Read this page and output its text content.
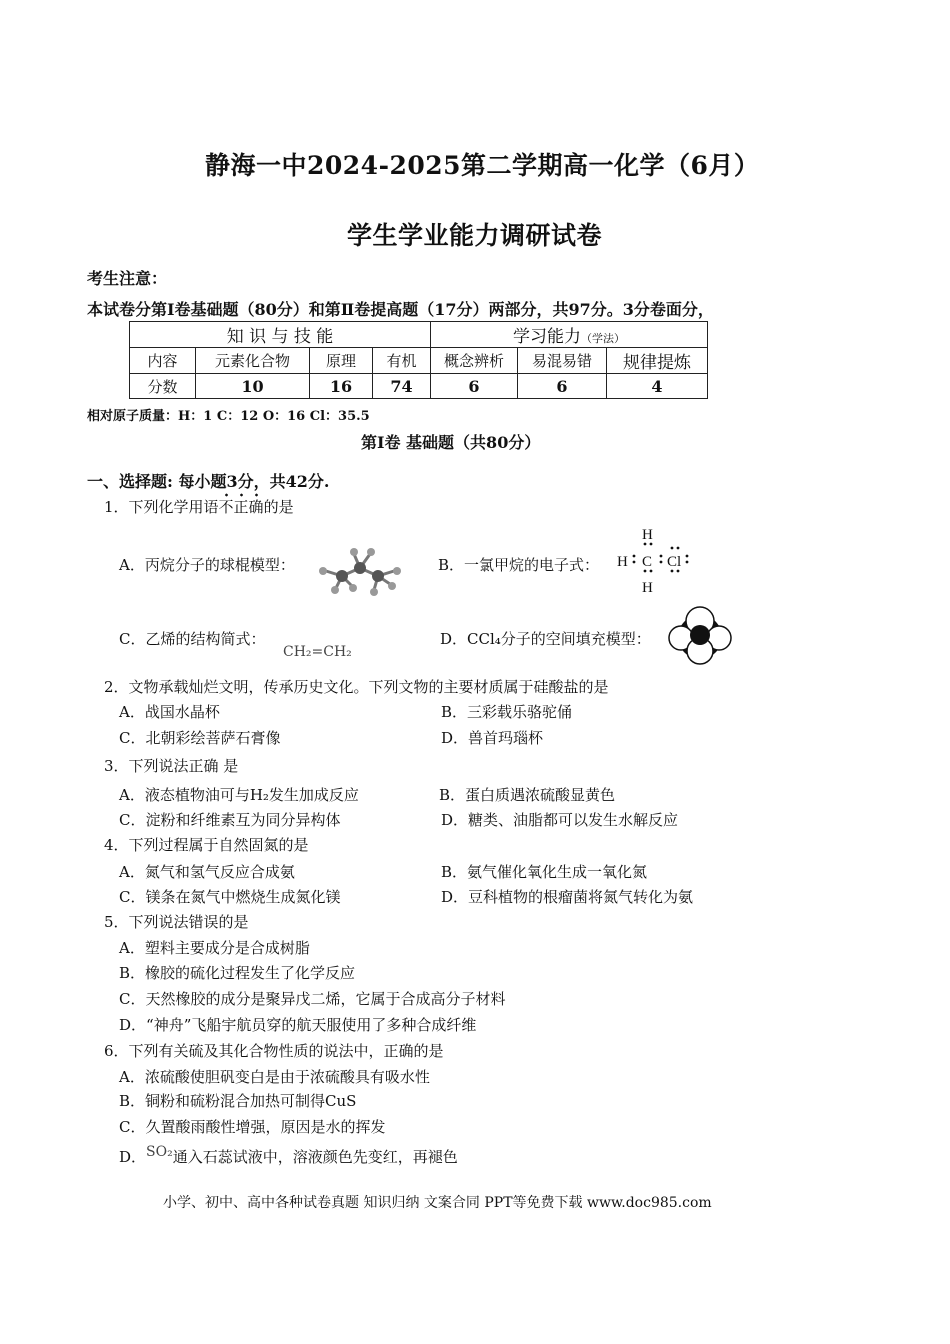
静海一中2024-2025第二学期高一化学（6月）
学生学业能力调研试卷
考生注意：
本试卷分第Ⅰ卷基础题（80分）和第Ⅱ卷提高题（17分）两部分，共97分。3分卷面分，
知 识 与 技 能				学习能力（学法）		
内容	元素化合物	原理	有机	概念辨析	易混易错	规律提炼
分数	10	16	74	6	6	4
相对原子质量：H：1 C：12 O：16 Cl：35.5
第Ⅰ卷 基础题（共80分）
一、选择题: 每小题3分，共42分.
1．下列化学用语不正确的是
A．丙烷分子的球棍模型：	B．一氯甲烷的电子式：
H
H C Cl
H
C．乙烯的结构简式：
CH₂=CH₂
D．CCl₄分子的空间填充模型：
2．文物承载灿烂文明，传承历史文化。下列文物的主要材质属于硅酸盐的是
A．战国水晶杯	B．三彩载乐骆驼俑
C．北朝彩绘菩萨石膏像	D．兽首玛瑙杯
3．下列说法正确 是
A．液态植物油可与H₂发生加成反应	B．蛋白质遇浓硫酸显黄色
C．淀粉和纤维素互为同分异构体	D．糖类、油脂都可以发生水解反应
4．下列过程属于自然固氮的是
A．氮气和氢气反应合成氨	B．氨气催化氧化生成一氧化氮
C．镁条在氮气中燃烧生成氮化镁	D．豆科植物的根瘤菌将氮气转化为氨
5．下列说法错误的是
A．塑料主要成分是合成树脂
B．橡胶的硫化过程发生了化学反应
C．天然橡胶的成分是聚异戊二烯，它属于合成高分子材料
D．“神舟”飞船宇航员穿的航天服使用了多种合成纤维
6．下列有关硫及其化合物性质的说法中，正确的是
A．浓硫酸使胆矾变白是由于浓硫酸具有吸水性
B．铜粉和硫粉混合加热可制得CuS
C．久置酸雨酸性增强，原因是水的挥发
D．SO₂通入石蕊试液中，溶液颜色先变红，再褪色
小学、初中、高中各种试卷真题 知识归纳 文案合同 PPT等免费下载 www.doc985.com
